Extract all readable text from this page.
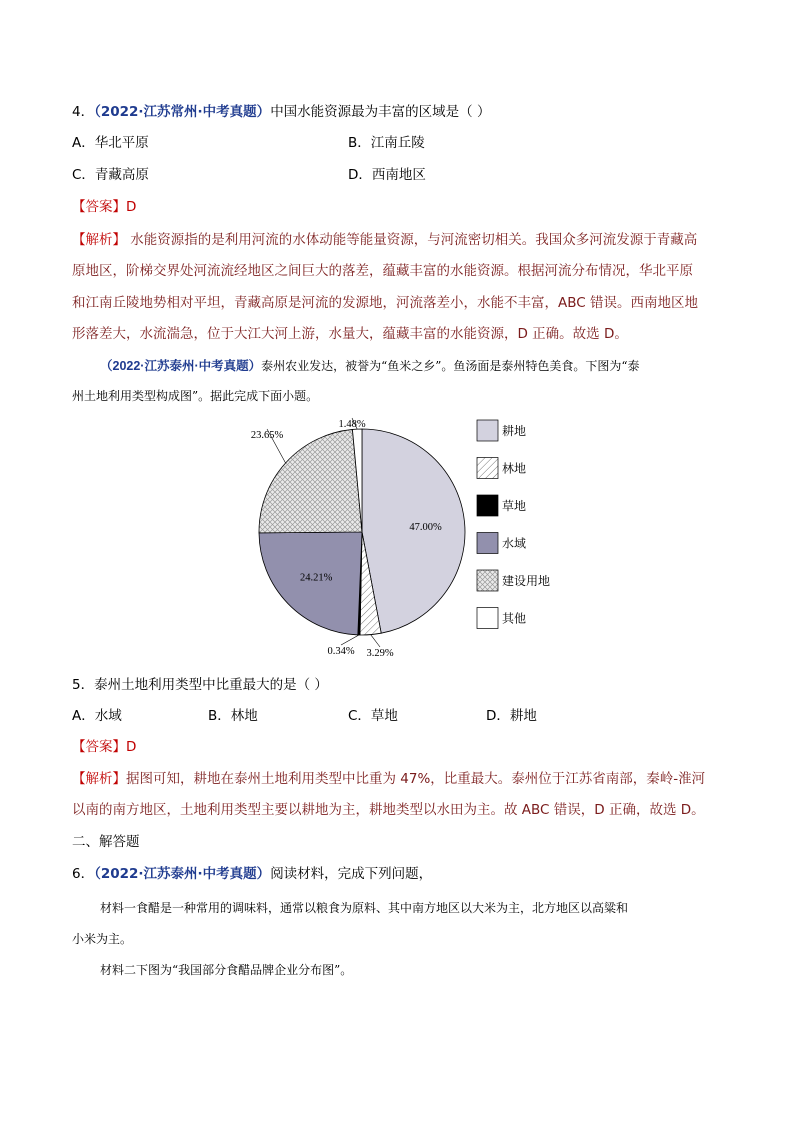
4．（2022·江苏常州·中考真题）中国水能资源最为丰富的区域是（ ）
A．华北平原	B．江南丘陵
C．青藏高原	D．西南地区
【答案】D
【解析】 水能资源指的是利用河流的水体动能等能量资源，与河流密切相关。我国众多河流发源于青藏高
原地区，阶梯交界处河流流经地区之间巨大的落差，蕴藏丰富的水能资源。根据河流分布情况，华北平原
和江南丘陵地势相对平坦，青藏高原是河流的发源地，河流落差小，水能不丰富，ABC 错误。西南地区地
形落差大，水流湍急，位于大江大河上游，水量大，蕴藏丰富的水能资源，D 正确。故选 D。
（2022·江苏泰州·中考真题）泰州农业发达，被誉为“鱼米之乡”。鱼汤面是泰州特色美食。下图为“泰
州土地利用类型构成图”。据此完成下面小题。
47.00%
3.29%
0.34%
24.21%
23.65%
1.48%	耕地
林地
草地
水域
建设用地
其他
5．泰州土地利用类型中比重最大的是（ ）
A．水域	B．林地	C．草地	D．耕地
【答案】D
【解析】据图可知，耕地在泰州土地利用类型中比重为 47%，比重最大。泰州位于江苏省南部，秦岭-淮河
以南的南方地区，土地利用类型主要以耕地为主，耕地类型以水田为主。故 ABC 错误，D 正确，故选 D。
二、解答题
6．（2022·江苏泰州·中考真题）阅读材料，完成下列问题，
材料一食醋是一种常用的调味料，通常以粮食为原料、其中南方地区以大米为主，北方地区以高粱和
小米为主。
材料二下图为“我国部分食醋品牌企业分布图”。
